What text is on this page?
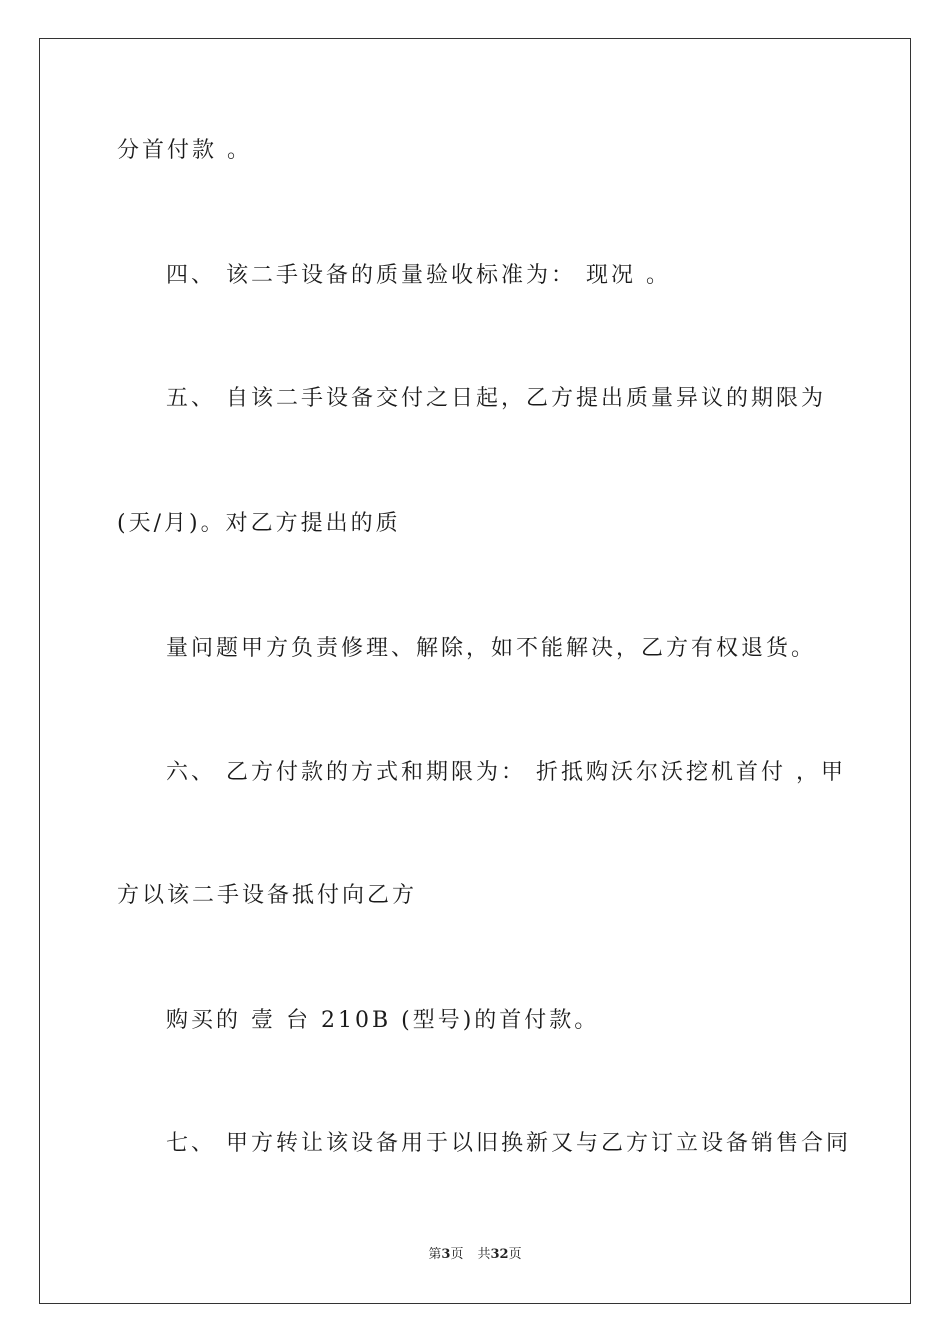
分首付款 。
四、 该二手设备的质量验收标准为： 现况 。
五、 自该二手设备交付之日起，乙方提出质量异议的期限为
(天/月)。对乙方提出的质
量问题甲方负责修理、解除，如不能解决，乙方有权退货。
六、 乙方付款的方式和期限为： 折抵购沃尔沃挖机首付 ，甲
方以该二手设备抵付向乙方
购买的 壹 台 210B (型号)的首付款。
七、 甲方转让该设备用于以旧换新又与乙方订立设备销售合同
第3页 共32页
